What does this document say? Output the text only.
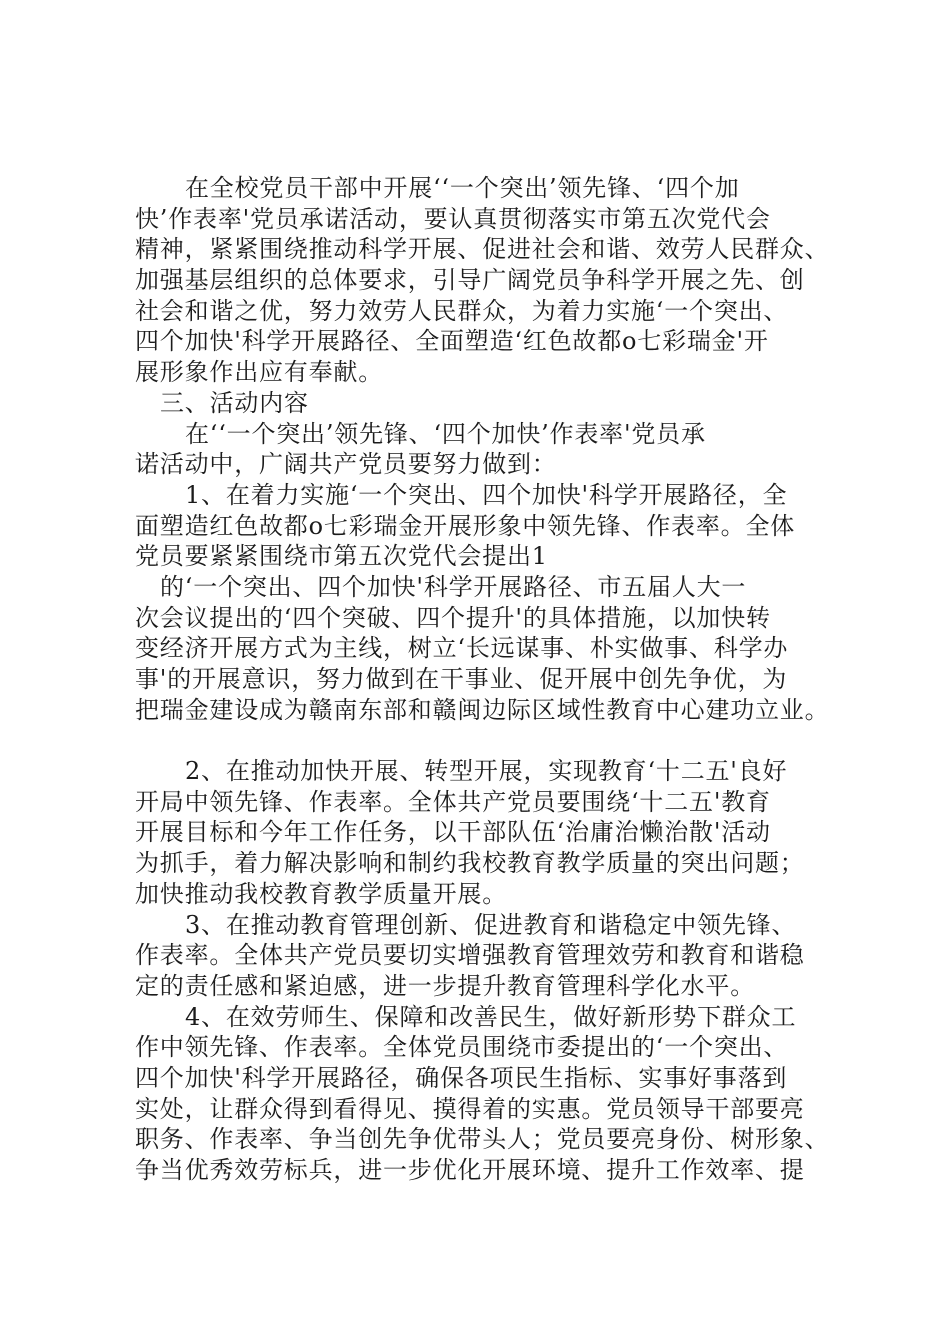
在全校党员干部中开展‘‘一个突出’领先锋、‘四个加
快’作表率'党员承诺活动，要认真贯彻落实市第五次党代会
精神，紧紧围绕推动科学开展、促进社会和谐、效劳人民群众、
加强基层组织的总体要求，引导广阔党员争科学开展之先、创
社会和谐之优，努力效劳人民群众，为着力实施‘一个突出、
四个加快'科学开展路径、全面塑造‘红色故都o七彩瑞金'开
展形象作出应有奉献。
三、活动内容
在‘‘一个突出’领先锋、‘四个加快’作表率'党员承
诺活动中，广阔共产党员要努力做到：
1、在着力实施‘一个突出、四个加快'科学开展路径，全
面塑造红色故都o七彩瑞金开展形象中领先锋、作表率。全体
党员要紧紧围绕市第五次党代会提出1
的‘一个突出、四个加快'科学开展路径、市五届人大一
次会议提出的‘四个突破、四个提升'的具体措施，以加快转
变经济开展方式为主线，树立‘长远谋事、朴实做事、科学办
事'的开展意识，努力做到在干事业、促开展中创先争优，为
把瑞金建设成为赣南东部和赣闽边际区域性教育中心建功立业。
2、在推动加快开展、转型开展，实现教育‘十二五'良好
开局中领先锋、作表率。全体共产党员要围绕‘十二五'教育
开展目标和今年工作任务，以干部队伍‘治庸治懒治散'活动
为抓手，着力解决影响和制约我校教育教学质量的突出问题；
加快推动我校教育教学质量开展。
3、在推动教育管理创新、促进教育和谐稳定中领先锋、
作表率。全体共产党员要切实增强教育管理效劳和教育和谐稳
定的责任感和紧迫感，进一步提升教育管理科学化水平。
4、在效劳师生、保障和改善民生，做好新形势下群众工
作中领先锋、作表率。全体党员围绕市委提出的‘一个突出、
四个加快'科学开展路径，确保各项民生指标、实事好事落到
实处，让群众得到看得见、摸得着的实惠。党员领导干部要亮
职务、作表率、争当创先争优带头人；党员要亮身份、树形象、
争当优秀效劳标兵，进一步优化开展环境、提升工作效率、提
